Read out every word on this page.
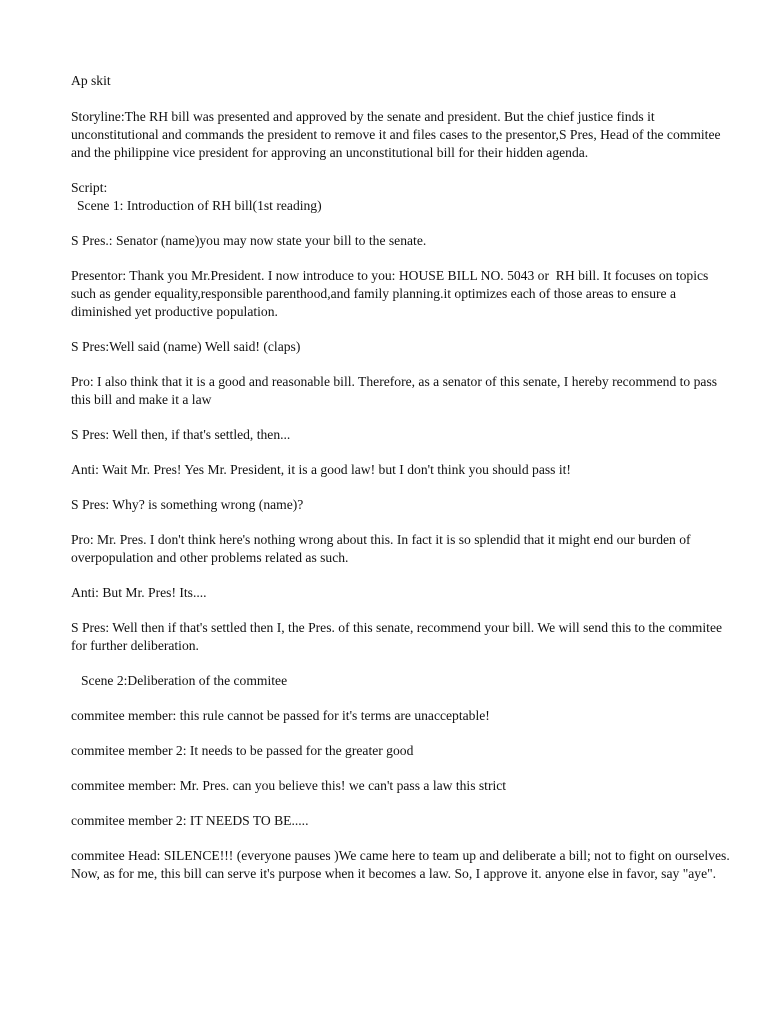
Ap skit

Storyline:The RH bill was presented and approved by the senate and president. But the chief justice finds it unconstitutional and commands the president to remove it and files cases to the presentor,S Pres, Head of the commitee and the philippine vice president for approving an unconstitutional bill for their hidden agenda.

Script:

Scene 1: Introduction of RH bill(1st reading)

S Pres.: Senator (name)you may now state your bill to the senate.

Presentor: Thank you Mr.President. I now introduce to you: HOUSE BILL NO. 5043 or  RH bill. It focuses on topics such as gender equality,responsible parenthood,and family planning.it optimizes each of those areas to ensure a diminished yet productive population.

S Pres:Well said (name) Well said! (claps)

Pro: I also think that it is a good and reasonable bill. Therefore, as a senator of this senate, I hereby recommend to pass this bill and make it a law

S Pres: Well then, if that's settled, then...

Anti: Wait Mr. Pres! Yes Mr. President, it is a good law! but I don't think you should pass it!

S Pres: Why? is something wrong (name)?

Pro: Mr. Pres. I don't think here's nothing wrong about this. In fact it is so splendid that it might end our burden of overpopulation and other problems related as such.

Anti: But Mr. Pres! Its....

S Pres: Well then if that's settled then I, the Pres. of this senate, recommend your bill. We will send this to the commitee for further deliberation.

Scene 2:Deliberation of the commitee

commitee member: this rule cannot be passed for it's terms are unacceptable!

commitee member 2: It needs to be passed for the greater good

commitee member: Mr. Pres. can you believe this! we can't pass a law this strict

commitee member 2: IT NEEDS TO BE.....

commitee Head: SILENCE!!! (everyone pauses )We came here to team up and deliberate a bill; not to fight on ourselves. Now, as for me, this bill can serve it's purpose when it becomes a law. So, I approve it. anyone else in favor, say "aye".
